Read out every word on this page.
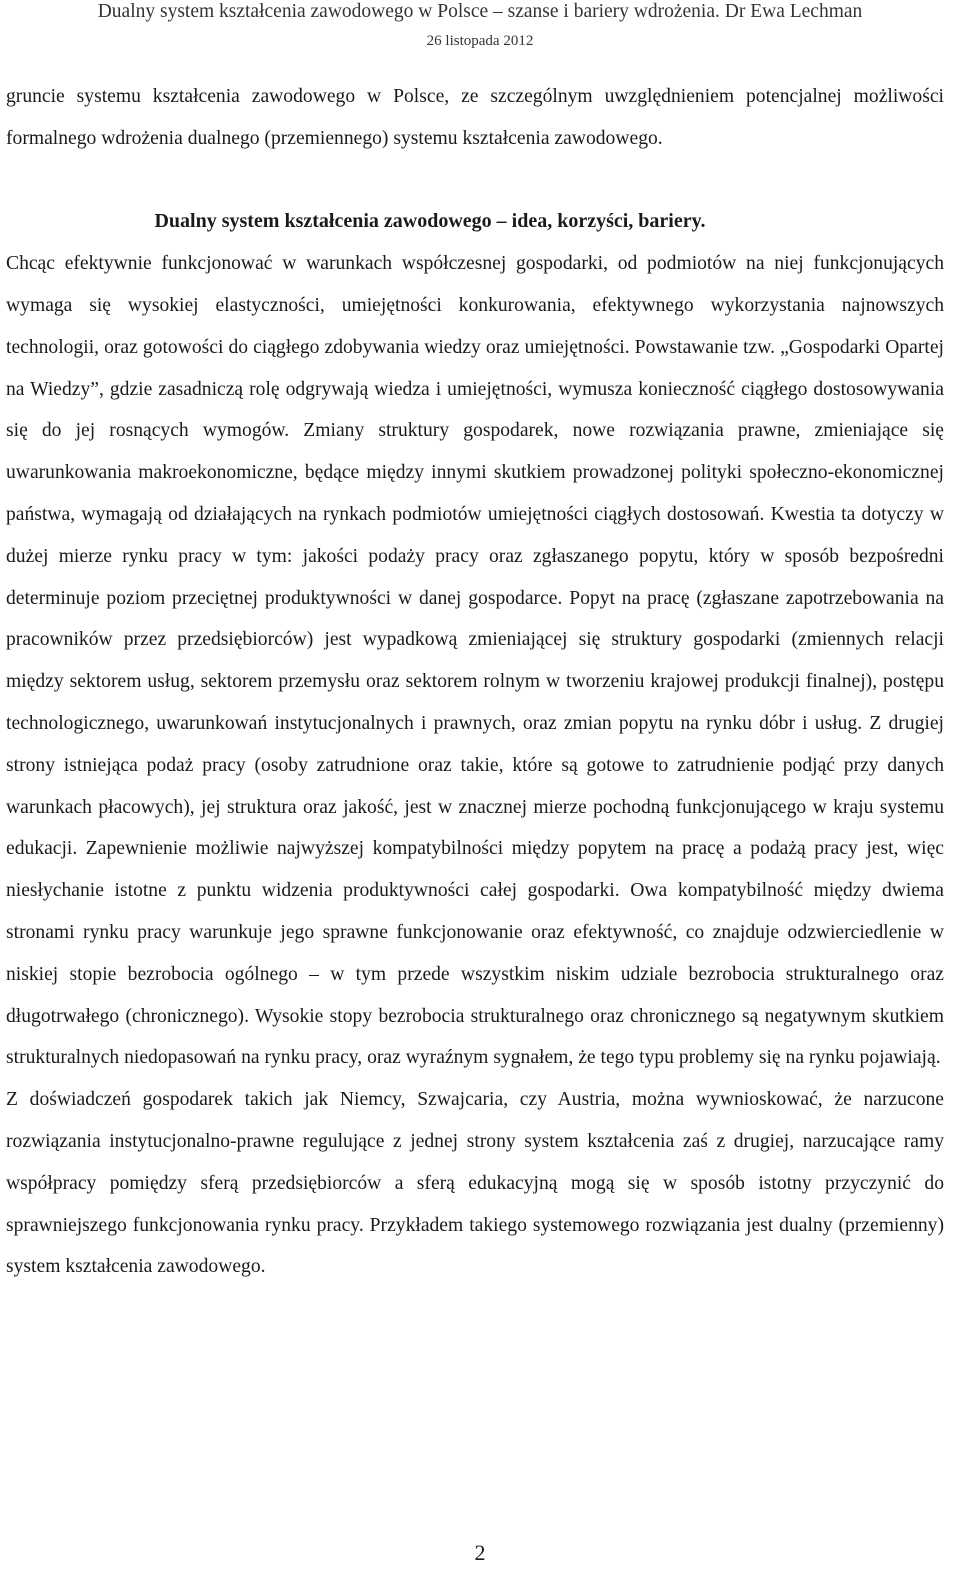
Dualny system kształcenia zawodowego w Polsce – szanse i bariery wdrożenia. Dr Ewa Lechman
26 listopada 2012

gruncie systemu kształcenia zawodowego w Polsce, ze szczególnym uwzględnieniem potencjalnej możliwości formalnego wdrożenia dualnego (przemiennego) systemu kształcenia zawodowego.

Dualny system kształcenia zawodowego – idea, korzyści, bariery.

Chcąc efektywnie funkcjonować w warunkach współczesnej gospodarki, od podmiotów na niej funkcjonujących wymaga się wysokiej elastyczności, umiejętności konkurowania, efektywnego wykorzystania najnowszych technologii, oraz gotowości do ciągłego zdobywania wiedzy oraz umiejętności. Powstawanie tzw. „Gospodarki Opartej na Wiedzy”, gdzie zasadniczą rolę odgrywają wiedza i umiejętności, wymusza konieczność ciągłego dostosowywania się do jej rosnących wymogów. Zmiany struktury gospodarek, nowe rozwiązania prawne, zmieniające się uwarunkowania makroekonomiczne, będące między innymi skutkiem prowadzonej polityki społeczno-ekonomicznej państwa, wymagają od działających na rynkach podmiotów umiejętności ciągłych dostosowań. Kwestia ta dotyczy w dużej mierze rynku pracy w tym: jakości podaży pracy oraz zgłaszanego popytu, który w sposób bezpośredni determinuje poziom przeciętnej produktywności w danej gospodarce. Popyt na pracę (zgłaszane zapotrzebowania na pracowników przez przedsiębiorców) jest wypadkową zmieniającej się struktury gospodarki (zmiennych relacji między sektorem usług, sektorem przemysłu oraz sektorem rolnym w tworzeniu krajowej produkcji finalnej), postępu technologicznego, uwarunkowań instytucjonalnych i prawnych, oraz zmian popytu na rynku dóbr i usług. Z drugiej strony istniejąca podaż pracy (osoby zatrudnione oraz takie, które są gotowe to zatrudnienie podjąć przy danych warunkach płacowych), jej struktura oraz jakość, jest w znacznej mierze pochodną funkcjonującego w kraju systemu edukacji. Zapewnienie możliwie najwyższej kompatybilności między popytem na pracę a podażą pracy jest, więc niesłychanie istotne z punktu widzenia produktywności całej gospodarki. Owa kompatybilność między dwiema stronami rynku pracy warunkuje jego sprawne funkcjonowanie oraz efektywność, co znajduje odzwierciedlenie w niskiej stopie bezrobocia ogólnego – w tym przede wszystkim niskim udziale bezrobocia strukturalnego oraz długotrwałego (chronicznego). Wysokie stopy bezrobocia strukturalnego oraz chronicznego są negatywnym skutkiem strukturalnych niedopasowań na rynku pracy, oraz wyraźnym sygnałem, że tego typu problemy się na rynku pojawiają.

Z doświadczeń gospodarek takich jak Niemcy, Szwajcaria, czy Austria, można wywnioskować, że narzucone rozwiązania instytucjonalno-prawne regulujące z jednej strony system kształcenia zaś z drugiej, narzucające ramy współpracy pomiędzy sferą przedsiębiorców a sferą edukacyjną mogą się w sposób istotny przyczynić do sprawniejszego funkcjonowania rynku pracy. Przykładem takiego systemowego rozwiązania jest dualny (przemienny) system kształcenia zawodowego.

2
